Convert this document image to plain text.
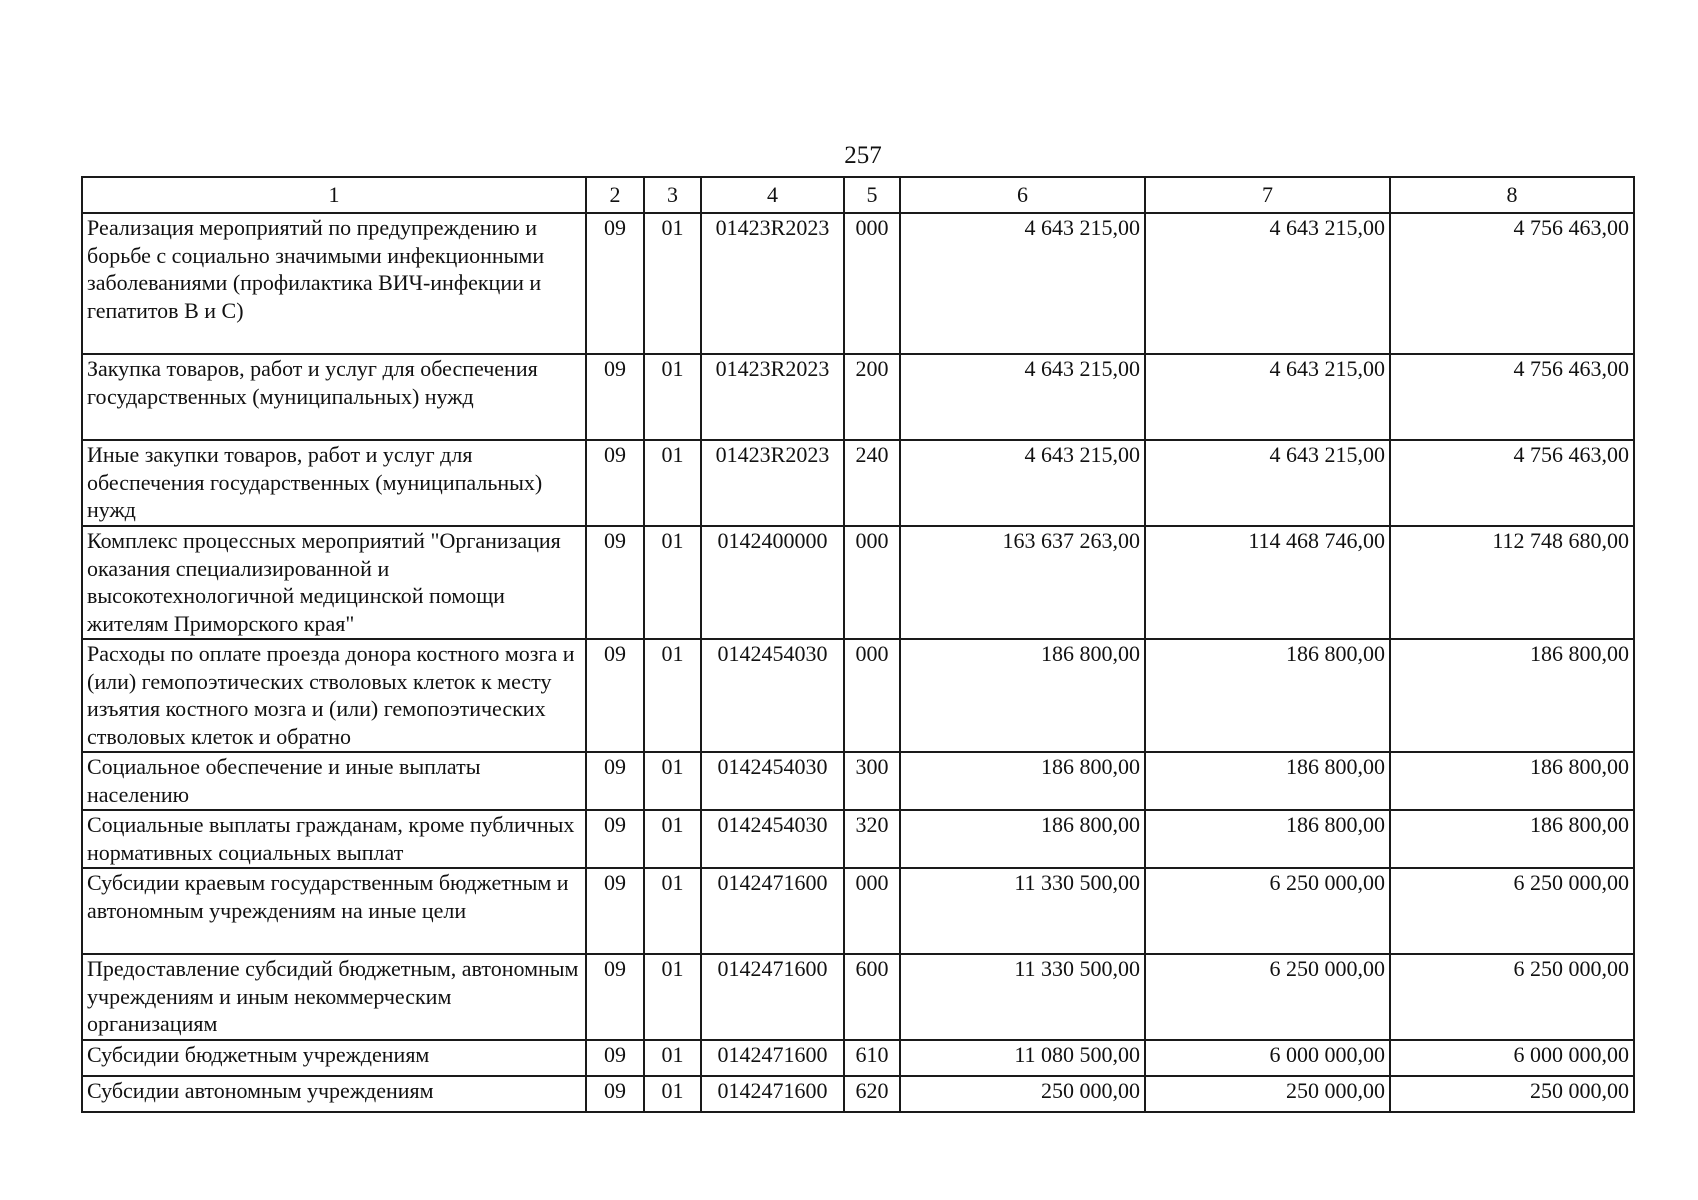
257
1	2	3	4	5	6	7	8
Реализация мероприятий по предупреждению и борьбе с социально значимыми инфекционными заболеваниями (профилактика ВИЧ-инфекции и гепатитов В и С)	09	01	01423R2023	000	4 643 215,00	4 643 215,00	4 756 463,00
Закупка товаров, работ и услуг для обеспечения государственных (муниципальных) нужд	09	01	01423R2023	200	4 643 215,00	4 643 215,00	4 756 463,00
Иные закупки товаров, работ и услуг для обеспечения государственных (муниципальных) нужд	09	01	01423R2023	240	4 643 215,00	4 643 215,00	4 756 463,00
Комплекс процессных мероприятий "Организация оказания специализированной и высокотехнологичной медицинской помощи жителям Приморского края"	09	01	0142400000	000	163 637 263,00	114 468 746,00	112 748 680,00
Расходы по оплате проезда донора костного мозга и (или) гемопоэтических стволовых клеток к месту изъятия костного мозга и (или) гемопоэтических стволовых клеток и обратно	09	01	0142454030	000	186 800,00	186 800,00	186 800,00
Социальное обеспечение и иные выплаты населению	09	01	0142454030	300	186 800,00	186 800,00	186 800,00
Социальные выплаты гражданам, кроме публичных нормативных социальных выплат	09	01	0142454030	320	186 800,00	186 800,00	186 800,00
Субсидии краевым государственным бюджетным и автономным учреждениям на иные цели	09	01	0142471600	000	11 330 500,00	6 250 000,00	6 250 000,00
Предоставление субсидий бюджетным, автономным учреждениям и иным некоммерческим организациям	09	01	0142471600	600	11 330 500,00	6 250 000,00	6 250 000,00
Субсидии бюджетным учреждениям	09	01	0142471600	610	11 080 500,00	6 000 000,00	6 000 000,00
Субсидии автономным учреждениям	09	01	0142471600	620	250 000,00	250 000,00	250 000,00
